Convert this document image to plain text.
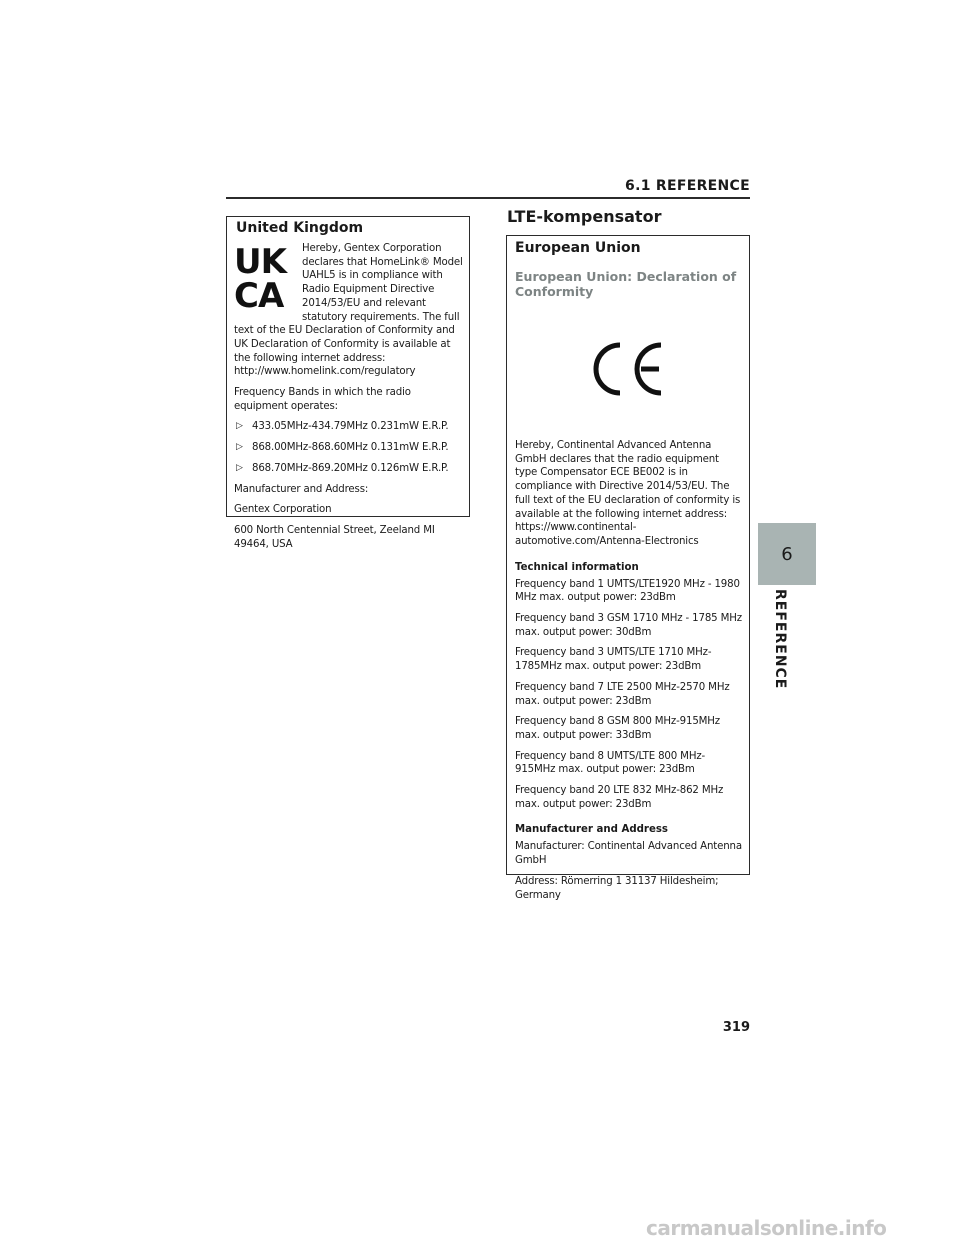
6.1 REFERENCE
United Kingdom
UK
CA

Hereby, Gentex Corporation declares that HomeLink® Model UAHL5 is in compliance with Radio Equipment Directive 2014/53/EU and relevant statutory requirements. The full text of the EU Declaration of Conformity and UK Declaration of Conformity is available at the following internet address: http://www.homelink.com/regulatory

Frequency Bands in which the radio equipment operates:

▷ 433.05MHz-434.79MHz 0.231mW E.R.P.

▷ 868.00MHz-868.60MHz 0.131mW E.R.P.

▷ 868.70MHz-869.20MHz 0.126mW E.R.P.

Manufacturer and Address:

Gentex Corporation

600 North Centennial Street, Zeeland MI 49464, USA

LTE-kompensator
European Union
European Union: Declaration of Conformity

Hereby, Continental Advanced Antenna GmbH declares that the radio equipment type Compensator ECE BE002 is in compliance with Directive 2014/53/EU. The full text of the EU declaration of conformity is available at the following internet address: https://www.continental-automotive.com/Antenna-Electronics

Technical information

Frequency band 1 UMTS/LTE1920 MHz - 1980 MHz max. output power: 23dBm

Frequency band 3 GSM 1710 MHz - 1785 MHz max. output power: 30dBm

Frequency band 3 UMTS/LTE 1710 MHz-1785MHz max. output power: 23dBm

Frequency band 7 LTE 2500 MHz-2570 MHz max. output power: 23dBm

Frequency band 8 GSM 800 MHz-915MHz max. output power: 33dBm

Frequency band 8 UMTS/LTE 800 MHz-915MHz max. output power: 23dBm

Frequency band 20 LTE 832 MHz-862 MHz max. output power: 23dBm

Manufacturer and Address

Manufacturer: Continental Advanced Antenna GmbH

Address: Römerring 1 31137 Hildesheim; Germany

6
REFERENCE
319
carmanualsonline.info
